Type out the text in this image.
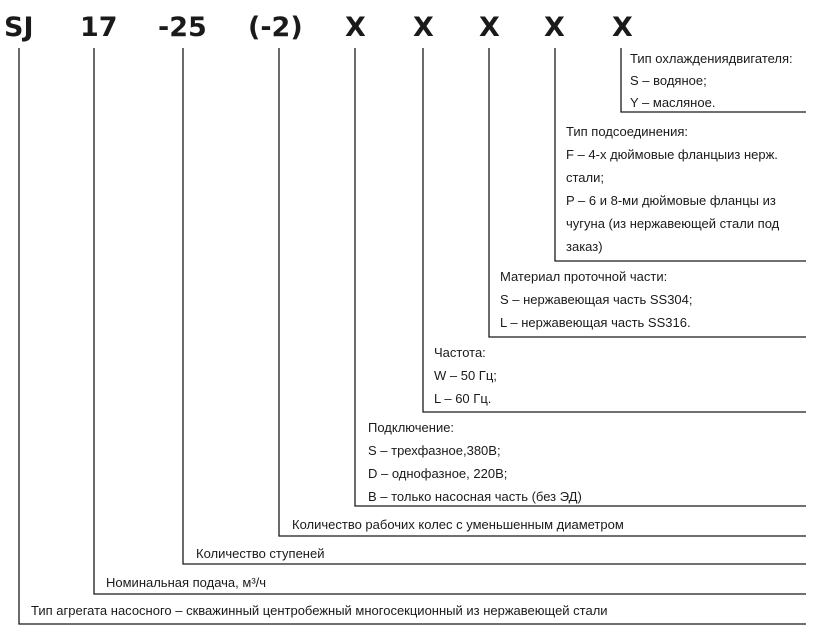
SJ 17 -25 (-2) X X X X X
Тип охлаждениядвигателя:
S – водяное;
Y – масляное.
Тип подсоединения:
F – 4-х дюймовые фланцыиз нерж.
стали;
P – 6 и 8-ми дюймовые фланцы из
чугуна (из нержавеющей стали под
заказ)
Материал проточной части:
S – нержавеющая часть SS304;
L – нержавеющая часть SS316.
Частота:
W – 50 Гц;
L – 60 Гц.
Подключение:
S – трехфазное,380В;
D – однофазное, 220В;
B – только насосная часть (без ЭД)
Количество рабочих колес с уменьшенным диаметром
Количество ступеней
Номинальная подача, м³/ч
Тип агрегата насосного – скважинный центробежный многосекционный из нержавеющей стали
